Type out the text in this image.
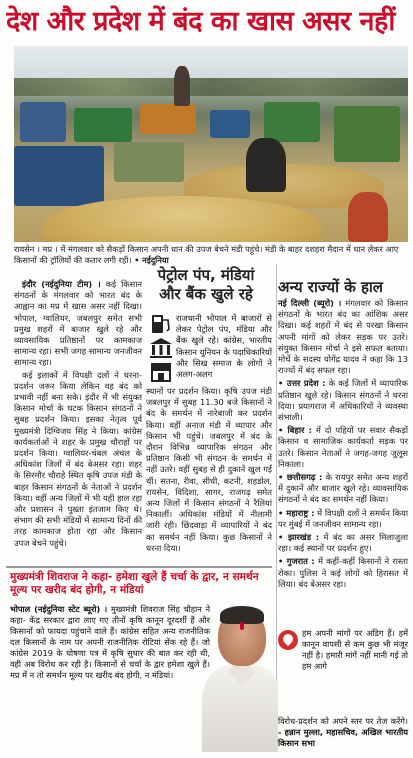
देश और प्रदेश में बंद का खास असर नहीं
रायसेन । मप्र । में मंगलवार को सैकड़ों किसान अपनी धान की उपज बेचने मंडी पहुंचे। मंडी के बाहर दशहरा मैदान में धान लेकर आए किसानों की ट्रॉलियों की कतार लगी रही। • नईदुनिया

इंदौर (नईदुनिया टीम) । कई किसान संगठनों के मंगलवार को भारत बंद के आह्वान का मप्र में खास असर नहीं दिखा। भोपाल, ग्वालियर, जबलपुर समेत सभी प्रमुख शहरों में बाजार खुले रहे और व्यावसायिक प्रतिष्ठानों पर कामकाज सामान्य रहा। सभी जगह सामान्य जनजीवन सामान्य रहा।

कई इलाकों में विपक्षी दलों ने धरना-प्रदर्शन जरूर किया लेकिन वह बंद को प्रभावी नहीं बना सके। इंदौर में भी संयुक्त किसान मोर्चा के घटक किसान संगठनों ने सुबह प्रदर्शन किया। इसका नेतृत्व पूर्व मुख्यमंत्री दिग्विजय सिंह ने किया। कांग्रेस कार्यकर्ताओं ने शहर के प्रमुख चौराहों पर प्रदर्शन किया। ग्वालियर-चंबल अंचल के अधिकांश जिलों में बंद बेअसर रहा। शहर के सिरमौर चौराहे स्थित कृषि उपज मंडी के बाहर किसान संगठनों के नेताओं ने प्रदर्शन किया। वहीं अन्य जिलों में भी यही हाल रहा और प्रशासन ने पुख्ता इंतजाम किए थे। संभाग की सभी मंडियों में सामान्य दिनों की तरह कामकाज होता रहा और किसान उपज बेचने पहुंचे।

पेट्रोल पंप, मंडियां और बैंक खुले रहे
राजधानी भोपाल में बाजारों से लेकर पेट्रोल पंप, मंडिया और बैंक खुले रहे। कांग्रेस, भारतीय किसान यूनियन के पदाधिकारियों और सिख समाज के लोगों ने अलग-अलग
स्थानों पर प्रदर्शन किया। कृषि उपज मंडी जबलपुर में सुबह 11.30 बजे किसानों ने बंद के समर्थन में नारेबाजी कर प्रदर्शन किया। वहीं अनाज मंडी में व्यापार और किसान भी पहुंचे। जबलपुर में बंद के दौरान विभिन्न व्यापारिक संगठन और प्रतिष्ठान किसी भी संगठन के समर्थन में नहीं उतरे। वहीं सुबह से ही दुकानें खुल गईं थीं। सतना, रीवा, सीधी, कटनी, शहडोल, रायसेन, विदिशा, सागर, राजगढ़ समेत अन्य जिलों में किसान संगठनों ने रैलियां निकालीं। अधिकांश मंडियों में नीलामी जारी रही। छिंदवाड़ा में व्यापारियों ने बंद का समर्थन नहीं किया। कुछ किसानों ने धरना दिया।
अन्य राज्यों के हाल

नई दिल्ली (ब्यूरो) । मंगलवार को किसान संगठनों के भारत बंद का आंशिक असर दिखा। कई शहरों में बंद से परखा किसान अपनी मांगों को लेकर सड़क पर उतरे। संयुक्त किसान मोर्चा ने इसे सफल बताया। मोर्चे के सदस्य योगेंद्र यादव ने कहा कि 13 राज्यों में बंद सफल रहा।

• उत्तर प्रदेश : के कई जिलों में व्यापारिक प्रतिष्ठान खुले रहे। किसान संगठनों ने धरना दिया। प्रयागराज में अधिकारियों ने व्यवस्था संभाली।

• बिहार : में दो पहियों पर सवार सैकड़ों किसान व सामाजिक कार्यकर्ता सड़क पर उतरे। किसान नेताओं ने जगह-जगह जुलूस निकाला।

• छत्तीसगढ़ : के रायपुर समेत अन्य शहरों में दुकानें और बाजार खुले रहे। व्यावसायिक संगठनों ने बंद का समर्थन नहीं किया।

• महाराष्ट्र : में विपक्षी दलों ने समर्थन किया पर मुंबई में जनजीवन सामान्य रहा।

• झारखंड : में बंद का असर मिलाजुला रहा। कई स्थानों पर प्रदर्शन हुए।

• गुजरात : में कहीं-कहीं किसानों ने रास्ता रोका। पुलिस ने कई लोगों को हिरासत में लिया। बंद बेअसर रहा।

मुख्यमंत्री शिवराज ने कहा- हमेशा खुले हैं चर्चा के द्वार, न समर्थन मूल्य पर खरीद बंद होगी, न मंडियां
भोपाल (नईदुनिया स्टेट ब्यूरो) । मुख्यमंत्री शिवराज सिंह चौहान ने कहा- केंद्र सरकार द्वारा लाए गए तीनों कृषि कानून दूरदर्शी हैं और किसानों को फायदा पहुंचाने वाले हैं। कांग्रेस सहित अन्य राजनीतिक दल किसानों के नाम पर अपनी राजनीतिक रोटियां सेंक रहे हैं। जो कांग्रेस 2019 के घोषणा पत्र में कृषि सुधार की बात कर रही थी, वही अब विरोध कर रही है। किसानों से चर्चा के द्वार हमेशा खुले हैं। मप्र में न तो समर्थन मूल्य पर खरीद बंद होगी, न मंडियां।
हम अपनी मांगों पर अडिग हैं। हमें कानून वापसी से कम कुछ भी मंजूर नहीं है। हमारी मांगें नहीं मानी गई तो हम आगे
विरोध-प्रदर्शन को अपने स्तर पर तेज करेंगे। - हन्नान मुल्ला, महासचिव, अखिल भारतीय किसान सभा
